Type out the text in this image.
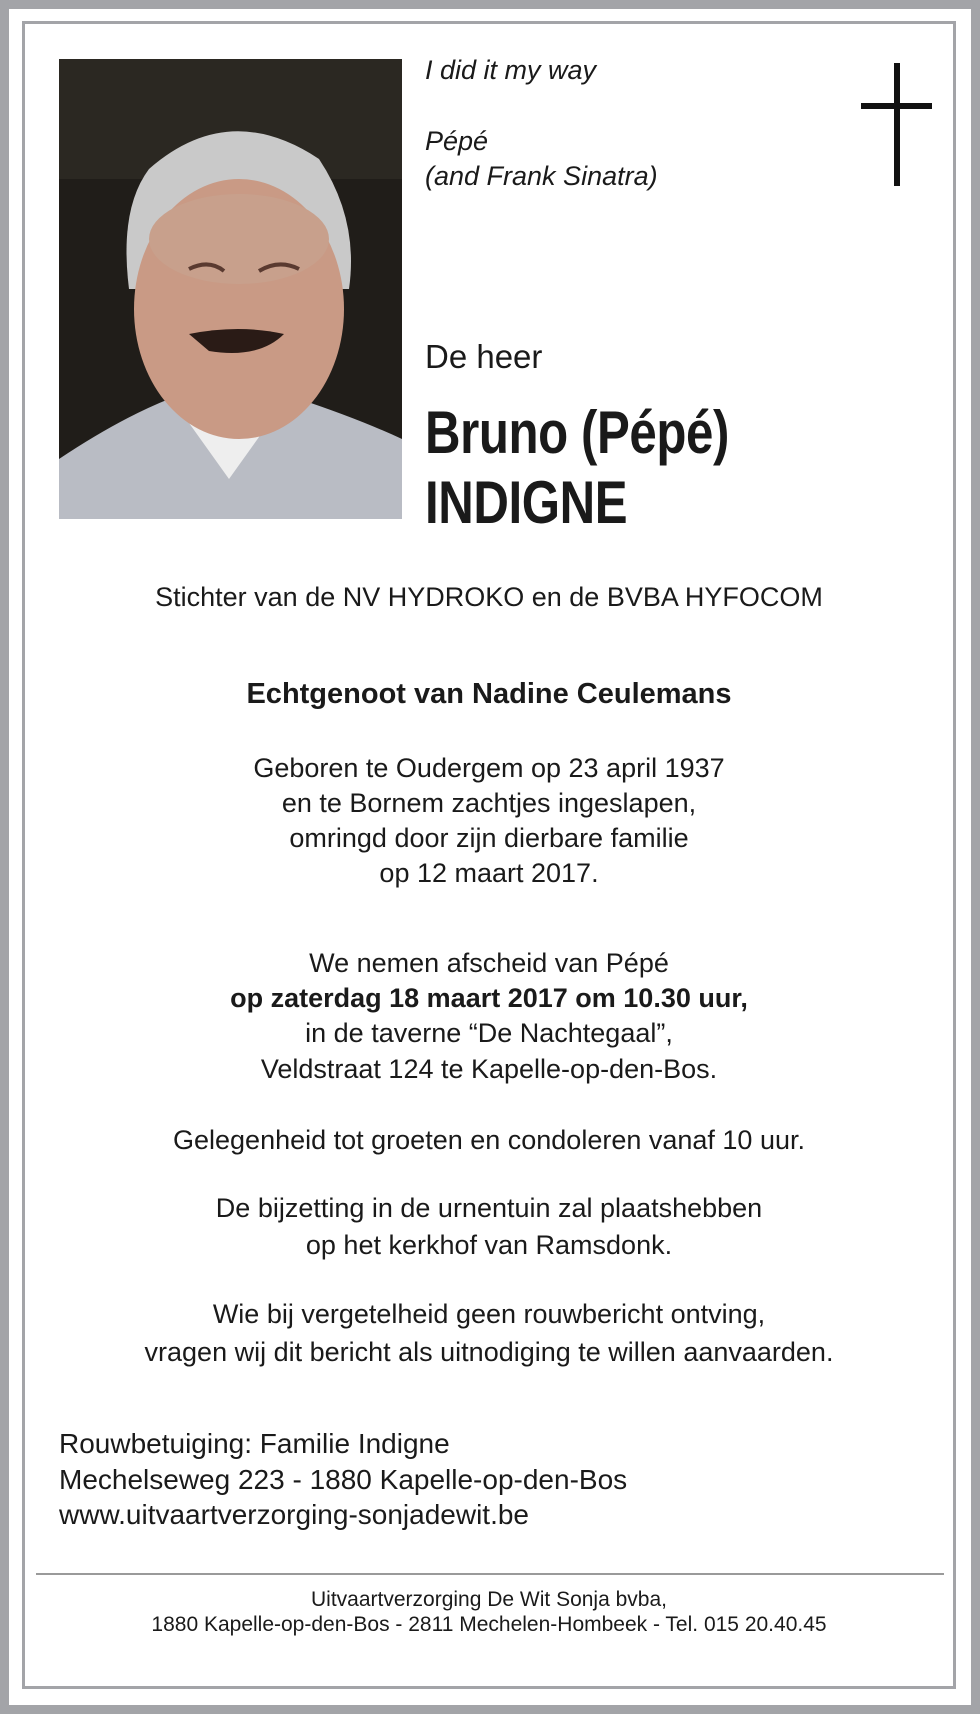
I did it my way
Pépé
(and Frank Sinatra)
De heer
Bruno (Pépé)
INDIGNE
Stichter van de NV HYDROKO en de BVBA HYFOCOM
Echtgenoot van Nadine Ceulemans
Geboren te Oudergem op 23 april 1937
en te Bornem zachtjes ingeslapen,
omringd door zijn dierbare familie
op 12 maart 2017.
We nemen afscheid van Pépé
op zaterdag 18 maart 2017 om 10.30 uur,
in de taverne “De Nachtegaal”,
Veldstraat 124 te Kapelle-op-den-Bos.
Gelegenheid tot groeten en condoleren vanaf 10 uur.
De bijzetting in de urnentuin zal plaatshebben
op het kerkhof van Ramsdonk.
Wie bij vergetelheid geen rouwbericht ontving,
vragen wij dit bericht als uitnodiging te willen aanvaarden.
Rouwbetuiging: Familie Indigne
Mechelseweg 223 - 1880 Kapelle-op-den-Bos
www.uitvaartverzorging-sonjadewit.be
Uitvaartverzorging De Wit Sonja bvba,
1880 Kapelle-op-den-Bos - 2811 Mechelen-Hombeek - Tel. 015 20.40.45
